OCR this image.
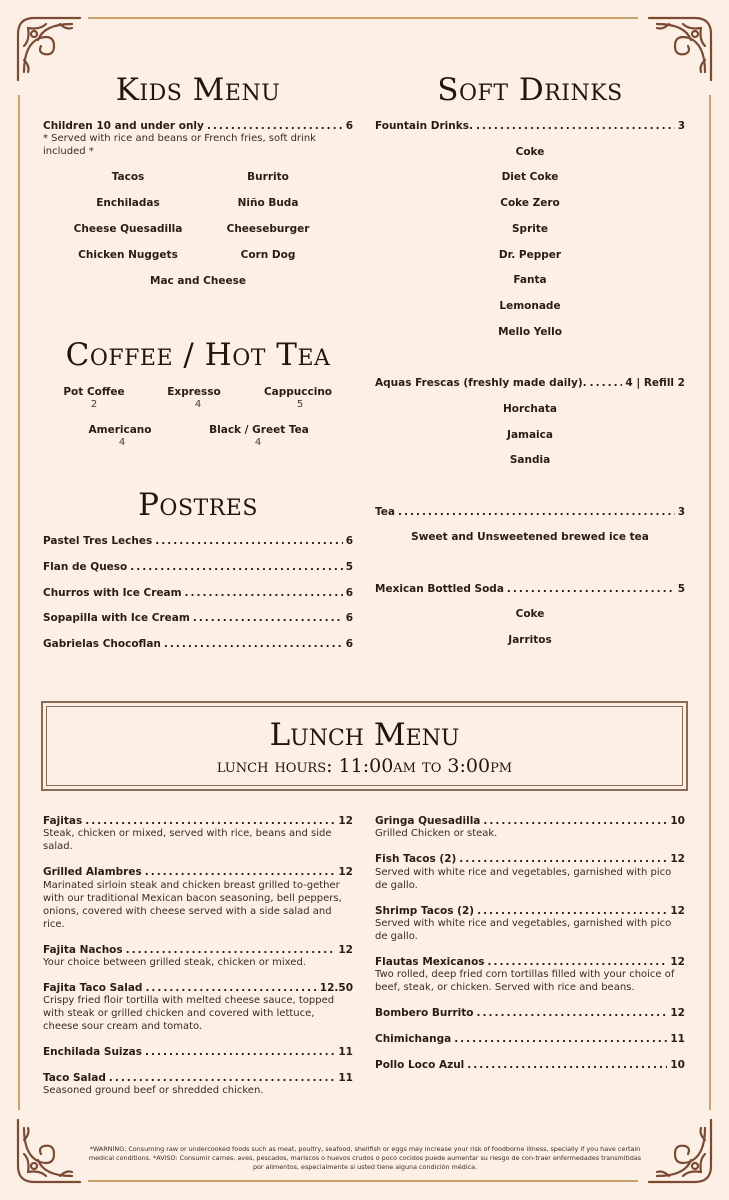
Kids Menu
Children 10 and under only .....	6
* Served with rice and beans or French fries, soft drink included *
Tacos	Burrito
Enchiladas	Niño Buda
Cheese Quesadilla	Cheeseburger
Chicken Nuggets	Corn Dog
Mac and Cheese
Coffee / Hot Tea
Pot Coffee
2
Expresso
4
Cappuccino
5
Americano
4
Black / Greet Tea
4
Postres
Pastel Tres Leches .....	6
Flan de Queso .....	5
Churros with Ice Cream .....	6
Sopapilla with Ice Cream .....	6
Gabrielas Chocoflan .....	6
Soft Drinks
Fountain Drinks. .....	3
Coke
Diet Coke
Coke Zero
Sprite
Dr. Pepper
Fanta
Lemonade
Mello Yello
Aquas Frescas (freshly made daily). .....	4 | Refill 2
Horchata
Jamaica
Sandia
Tea .....	3
Sweet and Unsweetened brewed ice tea
Mexican Bottled Soda .....	5
Coke
Jarritos
Lunch Menu
lunch hours: 11:00am to 3:00pm
Fajitas .....	12
Steak, chicken or mixed, served with rice, beans and side salad.
Grilled Alambres .....	12
Marinated sirloin steak and chicken breast grilled to-gether with our traditional Mexican bacon seasoning, bell peppers, onions, covered with cheese served with a side salad and rice.
Fajita Nachos .....	12
Your choice between grilled steak, chicken or mixed.
Fajita Taco Salad .....	12.50
Crispy fried floir tortilla with melted cheese sauce, topped with steak or grilled chicken and covered with lettuce, cheese sour cream and tomato.
Enchilada Suizas .....	11
Taco Salad .....	11
Seasoned ground beef or shredded chicken.
Gringa Quesadilla .....	10
Grilled Chicken or steak.
Fish Tacos (2) .....	12
Served with white rice and vegetables, garnished with pico de gallo.
Shrimp Tacos (2) .....	12
Served with white rice and vegetables, garnished with pico de gallo.
Flautas Mexicanos .....	12
Two rolled, deep fried corn tortillas filled with your choice of beef, steak, or chicken. Served with rice and beans.
Bombero Burrito .....	12
Chimichanga .....	11
Pollo Loco Azul .....	10
*WARNING: Consuming raw or undercooked foods such as meat, poultry, seafood, shellfish or eggs may increase your risk of foodborne illness, specially if you have certain medical conditions. *AVISO: Consumir carnes, aves, pescados, mariscos o huevos crudos o poco cocidos puede aumentar su riesgo de con-traer enfermedades transmitidas por alimentos, especialmente si usted tiene alguna condición médica.
